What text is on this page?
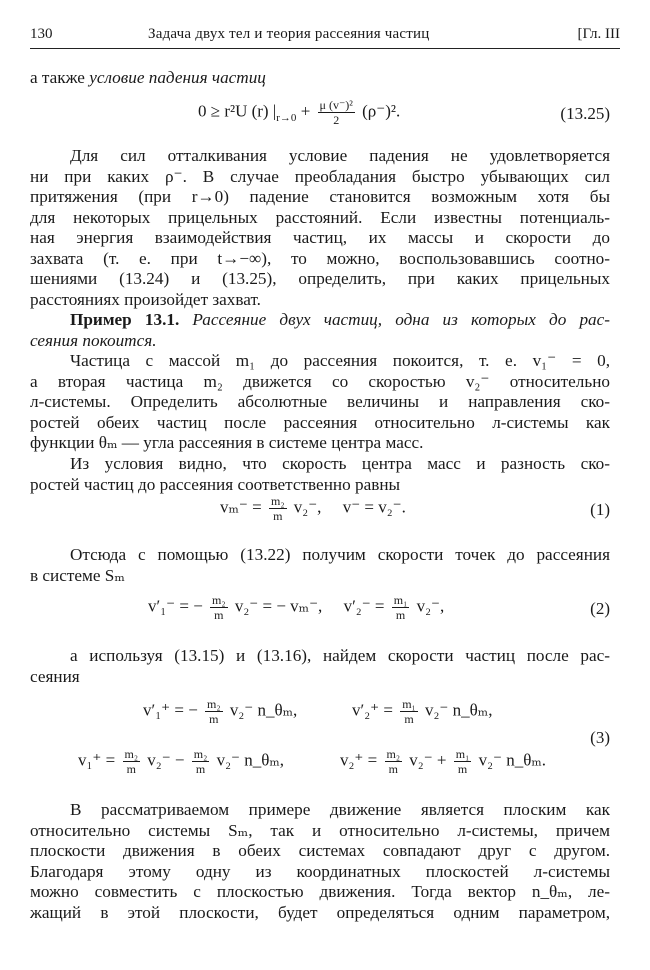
130	Задача двух тел и теория рассеяния частиц	[Гл. III
а также условие падения частиц
0 ≥ r²U (r) $|_{r\to 0} + \frac{\text{μ (v⁻)²}}{2} (\rho^-)^2$.	(13.25)
Для сил отталкивания условие падения не удовлетворяется
ни при каких ρ⁻. В случае преобладания быстро убывающих сил
притяжения (при r→0) падение становится возможным хотя бы
для некоторых прицельных расстояний. Если известны потенциаль-
ная энергия взаимодействия частиц, их массы и скорости до
захвата (т. е. при t→−∞), то можно, воспользовавшись соотно-
шениями (13.24) и (13.25), определить, при каких прицельных
расстояниях произойдет захват.
Пример 13.1. Рассеяние двух частиц, одна из которых до рас-
сеяния покоится.
Частица с массой m₁ до рассеяния покоится, т. е. v₁⁻ = 0,
а вторая частица m₂ движется со скоростью v₂⁻ относительно
л-системы. Определить абсолютные величины и направления ско-
ростей обеих частиц после рассеяния относительно л-системы как
функции θₘ — угла рассеяния в системе центра масс.
Из условия видно, что скорость центра масс и разность ско-
ростей частиц до рассеяния соответственно равны
$v_m^- = \frac{\text{m₂}}{m} v_2^-$, v⁻ = v₂⁻.	(1)
Отсюда с помощью (13.22) получим скорости точек до рассеяния
в системе Sₘ
v′₁⁻ = − $\frac{\text{m₂}}{m} v_2^-$ = − vₘ⁻, $v'_2^- = \frac{\text{m₁}}{m} v_2^-$,	(2)
а используя (13.15) и (13.16), найдем скорости частиц после рас-
сеяния
v′₁⁺ = − $\frac{\text{m₂}}{m} v_2^-$ n_θₘ,	$v'_2^+ = \frac{\text{m₁}}{m} v_2^-$ n_θₘ,
$v_1^+ = \frac{\text{m₂}}{m} v_2^- - \frac{\text{m₂}}{m} v_2^-$ n_θₘ,	$v_2^+ = \frac{\text{m₂}}{m} v_2^- + \frac{\text{m₁}}{m} v_2^-$ n_θₘ.
(3)
В рассматриваемом примере движение является плоским как
относительно системы Sₘ, так и относительно л-системы, причем
плоскости движения в обеих системах совпадают друг с другом.
Благодаря этому одну из координатных плоскостей л-системы
можно совместить с плоскостью движения. Тогда вектор n_θₘ, ле-
жащий в этой плоскости, будет определяться одним параметром,
